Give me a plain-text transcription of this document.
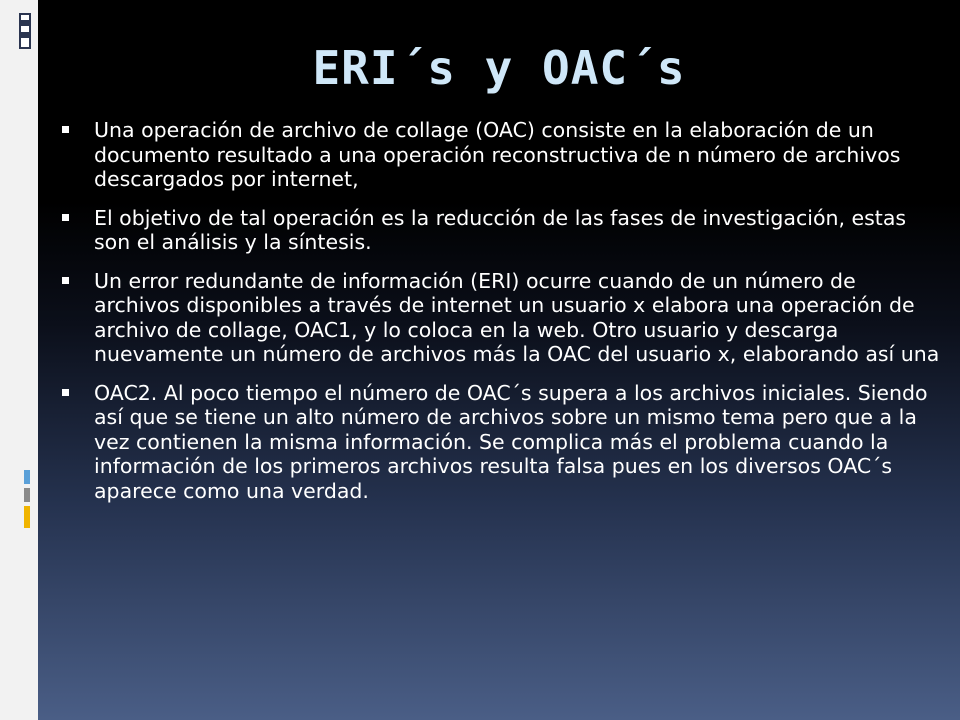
ERI´s y OAC´s
Una operación de archivo de collage (OAC) consiste en la elaboración de un documento resultado a una operación reconstructiva de n número de archivos descargados por internet,
El objetivo de tal operación es la reducción de las fases de investigación, estas son el análisis y la síntesis.
Un error redundante de información (ERI) ocurre cuando de un número de archivos disponibles a través de internet un usuario x elabora una operación de archivo de collage, OAC1, y lo coloca en la web. Otro usuario y descarga nuevamente un número de archivos más la OAC del usuario x, elaborando así una
OAC2. Al poco tiempo el número de OAC´s supera a los archivos iniciales. Siendo así que se tiene un alto número de archivos sobre un mismo tema pero que a la vez contienen la misma información. Se complica más el problema cuando la información de los primeros archivos resulta falsa pues en los diversos OAC´s aparece como una verdad.
